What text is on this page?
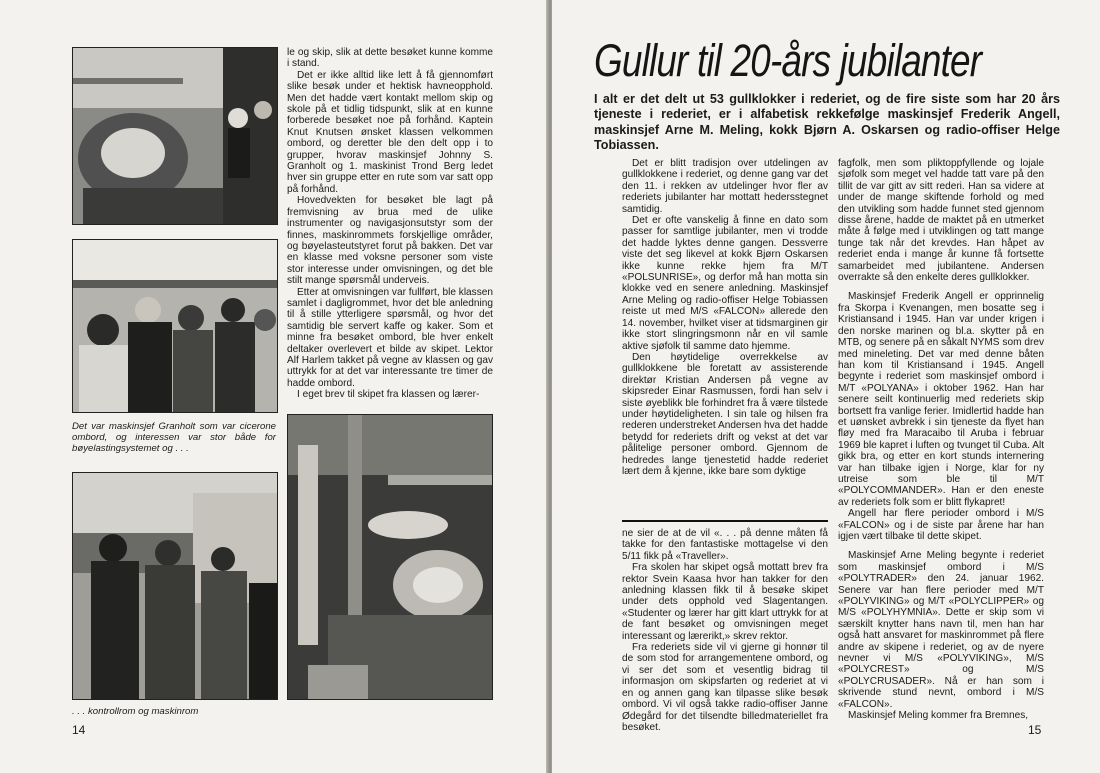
le og skip, slik at dette besøket kunne komme i stand.

Det er ikke alltid like lett å få gjennomført slike besøk under et hektisk havneopphold. Men det hadde vært kontakt mellom skip og skole på et tidlig tidspunkt, slik at en kunne forberede besøket noe på forhånd. Kaptein Knut Knutsen ønsket klassen velkommen ombord, og deretter ble den delt opp i to grupper, hvorav maskinsjef Johnny S. Granholt og 1. maskinist Trond Berg ledet hver sin gruppe etter en rute som var satt opp på forhånd.

Hovedvekten for besøket ble lagt på fremvisning av brua med de ulike instrumenter og navigasjonsutstyr som der finnes, maskinrommets forskjellige områder, og bøyelasteutstyret forut på bakken. Det var en klasse med voksne personer som viste stor interesse under omvisningen, og det ble stilt mange spørsmål underveis.

Etter at omvisningen var fullført, ble klassen samlet i dagligrommet, hvor det ble anledning til å stille ytterligere spørsmål, og hvor det samtidig ble servert kaffe og kaker. Som et minne fra besøket ombord, ble hver enkelt deltaker overlevert et bilde av skipet. Lektor Alf Harlem takket på vegne av klassen og gav uttrykk for at det var interessante tre timer de hadde ombord.

I eget brev til skipet fra klassen og lærer-

Det var maskinsjef Granholt som var cicerone ombord, og interessen var stor både for bøyelastingsystemet og . . .
. . . kontrollrom og maskinrom
14
Gullur til 20-års jubilanter
I alt er det delt ut 53 gullklokker i rederiet, og de fire siste som har 20 års tjeneste i rederiet, er i alfabetisk rekkefølge maskinsjef Frederik Angell, maskinsjef Arne M. Meling, kokk Bjørn A. Oskarsen og radio-offiser Helge Tobiassen.

Det er blitt tradisjon over utdelingen av gullklokkene i rederiet, og denne gang var det den 11. i rekken av utdelinger hvor fler av rederiets jubilanter har mottatt hedersstegnet samtidig.

Det er ofte vanskelig å finne en dato som passer for samtlige jubilanter, men vi trodde det hadde lyktes denne gangen. Dessverre viste det seg likevel at kokk Bjørn Oskarsen ikke kunne rekke hjem fra M/T «POLSUNRISE», og derfor må han motta sin klokke ved en senere anledning. Maskinsjef Arne Meling og radio-offiser Helge Tobiassen reiste ut med M/S «FALCON» allerede den 14. november, hvilket viser at tidsmarginen gir ikke stort slingringsmonn når en vil samle aktive sjøfolk til samme dato hjemme.

Den høytidelige overrekkelse av gullklokkene ble foretatt av assisterende direktør Kristian Andersen på vegne av skipsreder Einar Rasmussen, fordi han selv i siste øyeblikk ble forhindret fra å være tilstede under høytideligheten. I sin tale og hilsen fra rederen understreket Andersen hva det hadde betydd for rederiets drift og vekst at det var pålitelige personer ombord. Gjennom de hedredes lange tjenestetid hadde rederiet lært dem å kjenne, ikke bare som dyktige

ne sier de at de vil «. . . på denne måten få takke for den fantastiske mottagelse vi den 5/11 fikk på «Traveller».

Fra skolen har skipet også mottatt brev fra rektor Svein Kaasa hvor han takker for den anledning klassen fikk til å besøke skipet under dets opphold ved Slagentangen. «Studenter og lærer har gitt klart uttrykk for at de fant besøket og omvisningen meget interessant og lærerikt,» skrev rektor.

Fra rederiets side vil vi gjerne gi honnør til de som stod for arrangementene ombord, og vi ser det som et vesentlig bidrag til informasjon om skipsfarten og rederiet at vi en og annen gang kan tilpasse slike besøk ombord. Vi vil også takke radio-offiser Janne Ødegård for det tilsendte billedmateriellet fra besøket.

fagfolk, men som pliktoppfyllende og lojale sjøfolk som meget vel hadde tatt vare på den tillit de var gitt av sitt rederi. Han sa videre at under de mange skiftende forhold og med den utvikling som hadde funnet sted gjennom disse årene, hadde de maktet på en utmerket måte å følge med i utviklingen og tatt mange tunge tak når det krevdes. Han håpet av rederiet enda i mange år kunne få fortsette samarbeidet med jubilantene. Andersen overrakte så den enkelte deres gullklokker.

Maskinsjef Frederik Angell er opprinnelig fra Skorpa i Kvenangen, men bosatte seg i Kristiansand i 1945. Han var under krigen i den norske marinen og bl.a. skytter på en MTB, og senere på en såkalt NYMS som drev med mineleting. Det var med denne båten han kom til Kristiansand i 1945. Angell begynte i rederiet som maskinsjef ombord i M/T «POLYANA» i oktober 1962. Han har senere seilt kontinuerlig med rederiets skip bortsett fra vanlige ferier. Imidlertid hadde han et uønsket avbrekk i sin tjeneste da flyet han fløy med fra Maracaibo til Aruba i februar 1969 ble kapret i luften og tvunget til Cuba. Alt gikk bra, og etter en kort stunds internering var han tilbake igjen i Norge, klar for ny utreise som ble til M/T «POLYCOMMANDER». Han er den eneste av rederiets folk som er blitt flykapret!

Angell har flere perioder ombord i M/S «FALCON» og i de siste par årene har han igjen vært tilbake til dette skipet.

Maskinsjef Arne Meling begynte i rederiet som maskinsjef ombord i M/S «POLYTRADER» den 24. januar 1962. Senere var han flere perioder med M/T «POLYVIKING» og M/T «POLYCLIPPER» og M/S «POLYHYMNIA». Dette er skip som vi særskilt knytter hans navn til, men han har også hatt ansvaret for maskinrommet på flere andre av skipene i rederiet, og av de nyere nevner vi M/S «POLYVIKING», M/S «POLYCREST» og M/S «POLYCRUSADER». Nå er han som i skrivende stund nevnt, ombord i M/S «FALCON».

Maskinsjef Meling kommer fra Bremnes,

15
